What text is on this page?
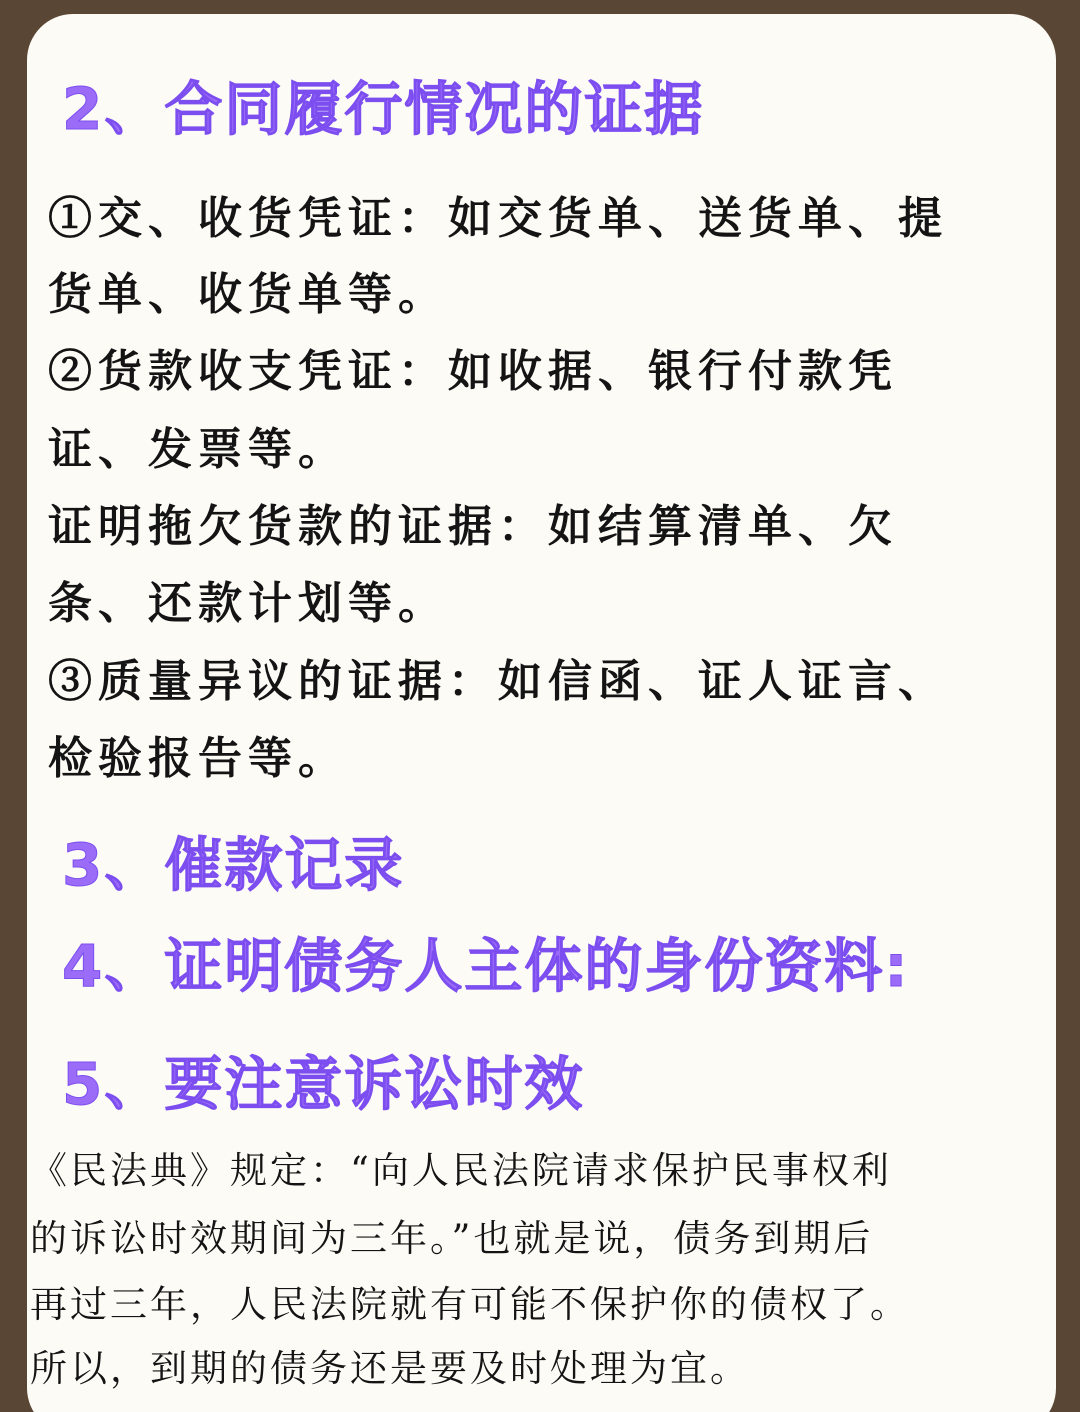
2、合同履行情况的证据

①交、收货凭证：如交货单、送货单、提

货单、收货单等。

②货款收支凭证：如收据、银行付款凭

证、发票等。

证明拖欠货款的证据：如结算清单、欠

条、还款计划等。

③质量异议的证据：如信函、证人证言、

检验报告等。

3、催款记录
4、证明债务人主体的身份资料:
5、要注意诉讼时效

《民法典》规定：“向人民法院请求保护民事权利

的诉讼时效期间为三年。”也就是说，债务到期后

再过三年，人民法院就有可能不保护你的债权了。

所以，到期的债务还是要及时处理为宜。
